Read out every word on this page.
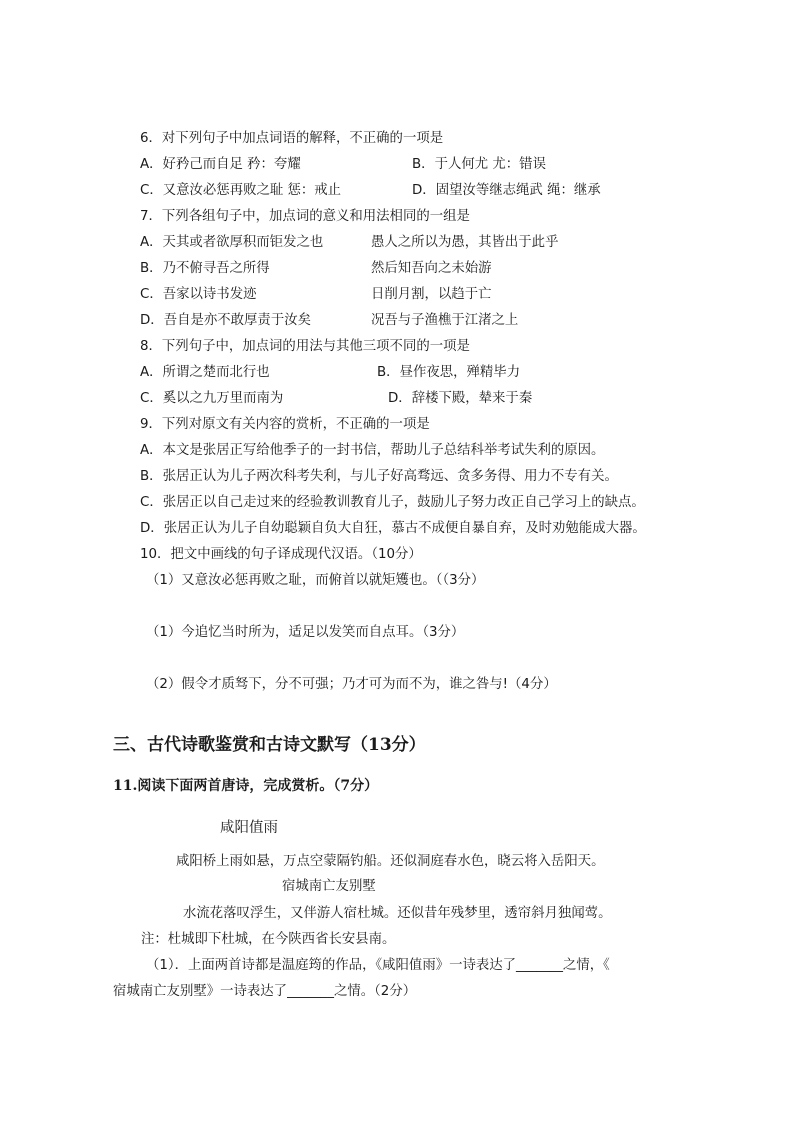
6．对下列句子中加点词语的解释，不正确的一项是
A．好矜己而自足 矜：夸耀	B．于人何尤 尤：错误
C．又意汝必惩再败之耻 惩：戒止	D．固望汝等继志绳武 绳：继承
7．下列各组句子中，加点词的意义和用法相同的一组是
A．天其或者欲厚积而钜发之也	愚人之所以为愚，其皆出于此乎
B．乃不俯寻吾之所得	然后知吾向之未始游
C．吾家以诗书发迹	日削月割，以趋于亡
D．吾自是亦不敢厚责于汝矣	况吾与子渔樵于江渚之上
8．下列句子中，加点词的用法与其他三项不同的一项是
A．所谓之楚而北行也	B．昼作夜思，殚精毕力
C．奚以之九万里而南为	D．辞楼下殿，辇来于秦
9．下列对原文有关内容的赏析，不正确的一项是
A．本文是张居正写给他季子的一封书信，帮助儿子总结科举考试失利的原因。
B．张居正认为儿子两次科考失利，与儿子好高骛远、贪多务得、用力不专有关。
C．张居正以自己走过来的经验教训教育儿子，鼓励儿子努力改正自己学习上的缺点。
D．张居正认为儿子自幼聪颖自负大自狂，慕古不成便自暴自弃，及时劝勉能成大器。
10．把文中画线的句子译成现代汉语。（10分）
（1）又意汝必惩再败之耻，而俯首以就矩矱也。（（3分）
（1）今追忆当时所为，适足以发笑而自点耳。（3分）
（2）假令才质驽下，分不可强；乃才可为而不为，谁之咎与!（4分）
三、古代诗歌鉴赏和古诗文默写（13分）
11.阅读下面两首唐诗，完成赏析。（7分）
咸阳值雨
咸阳桥上雨如悬，万点空蒙隔钓船。还似洞庭春水色，晓云将入岳阳天。
宿城南亡友别墅
水流花落叹浮生，又伴游人宿杜城。还似昔年残梦里，透帘斜月独闻莺。
注：杜城即下杜城，在今陕西省长安县南。
（1）．上面两首诗都是温庭筠的作品，《咸阳值雨》一诗表达了_______之情，《
宿城南亡友别墅》一诗表达了_______之情。（2分）
